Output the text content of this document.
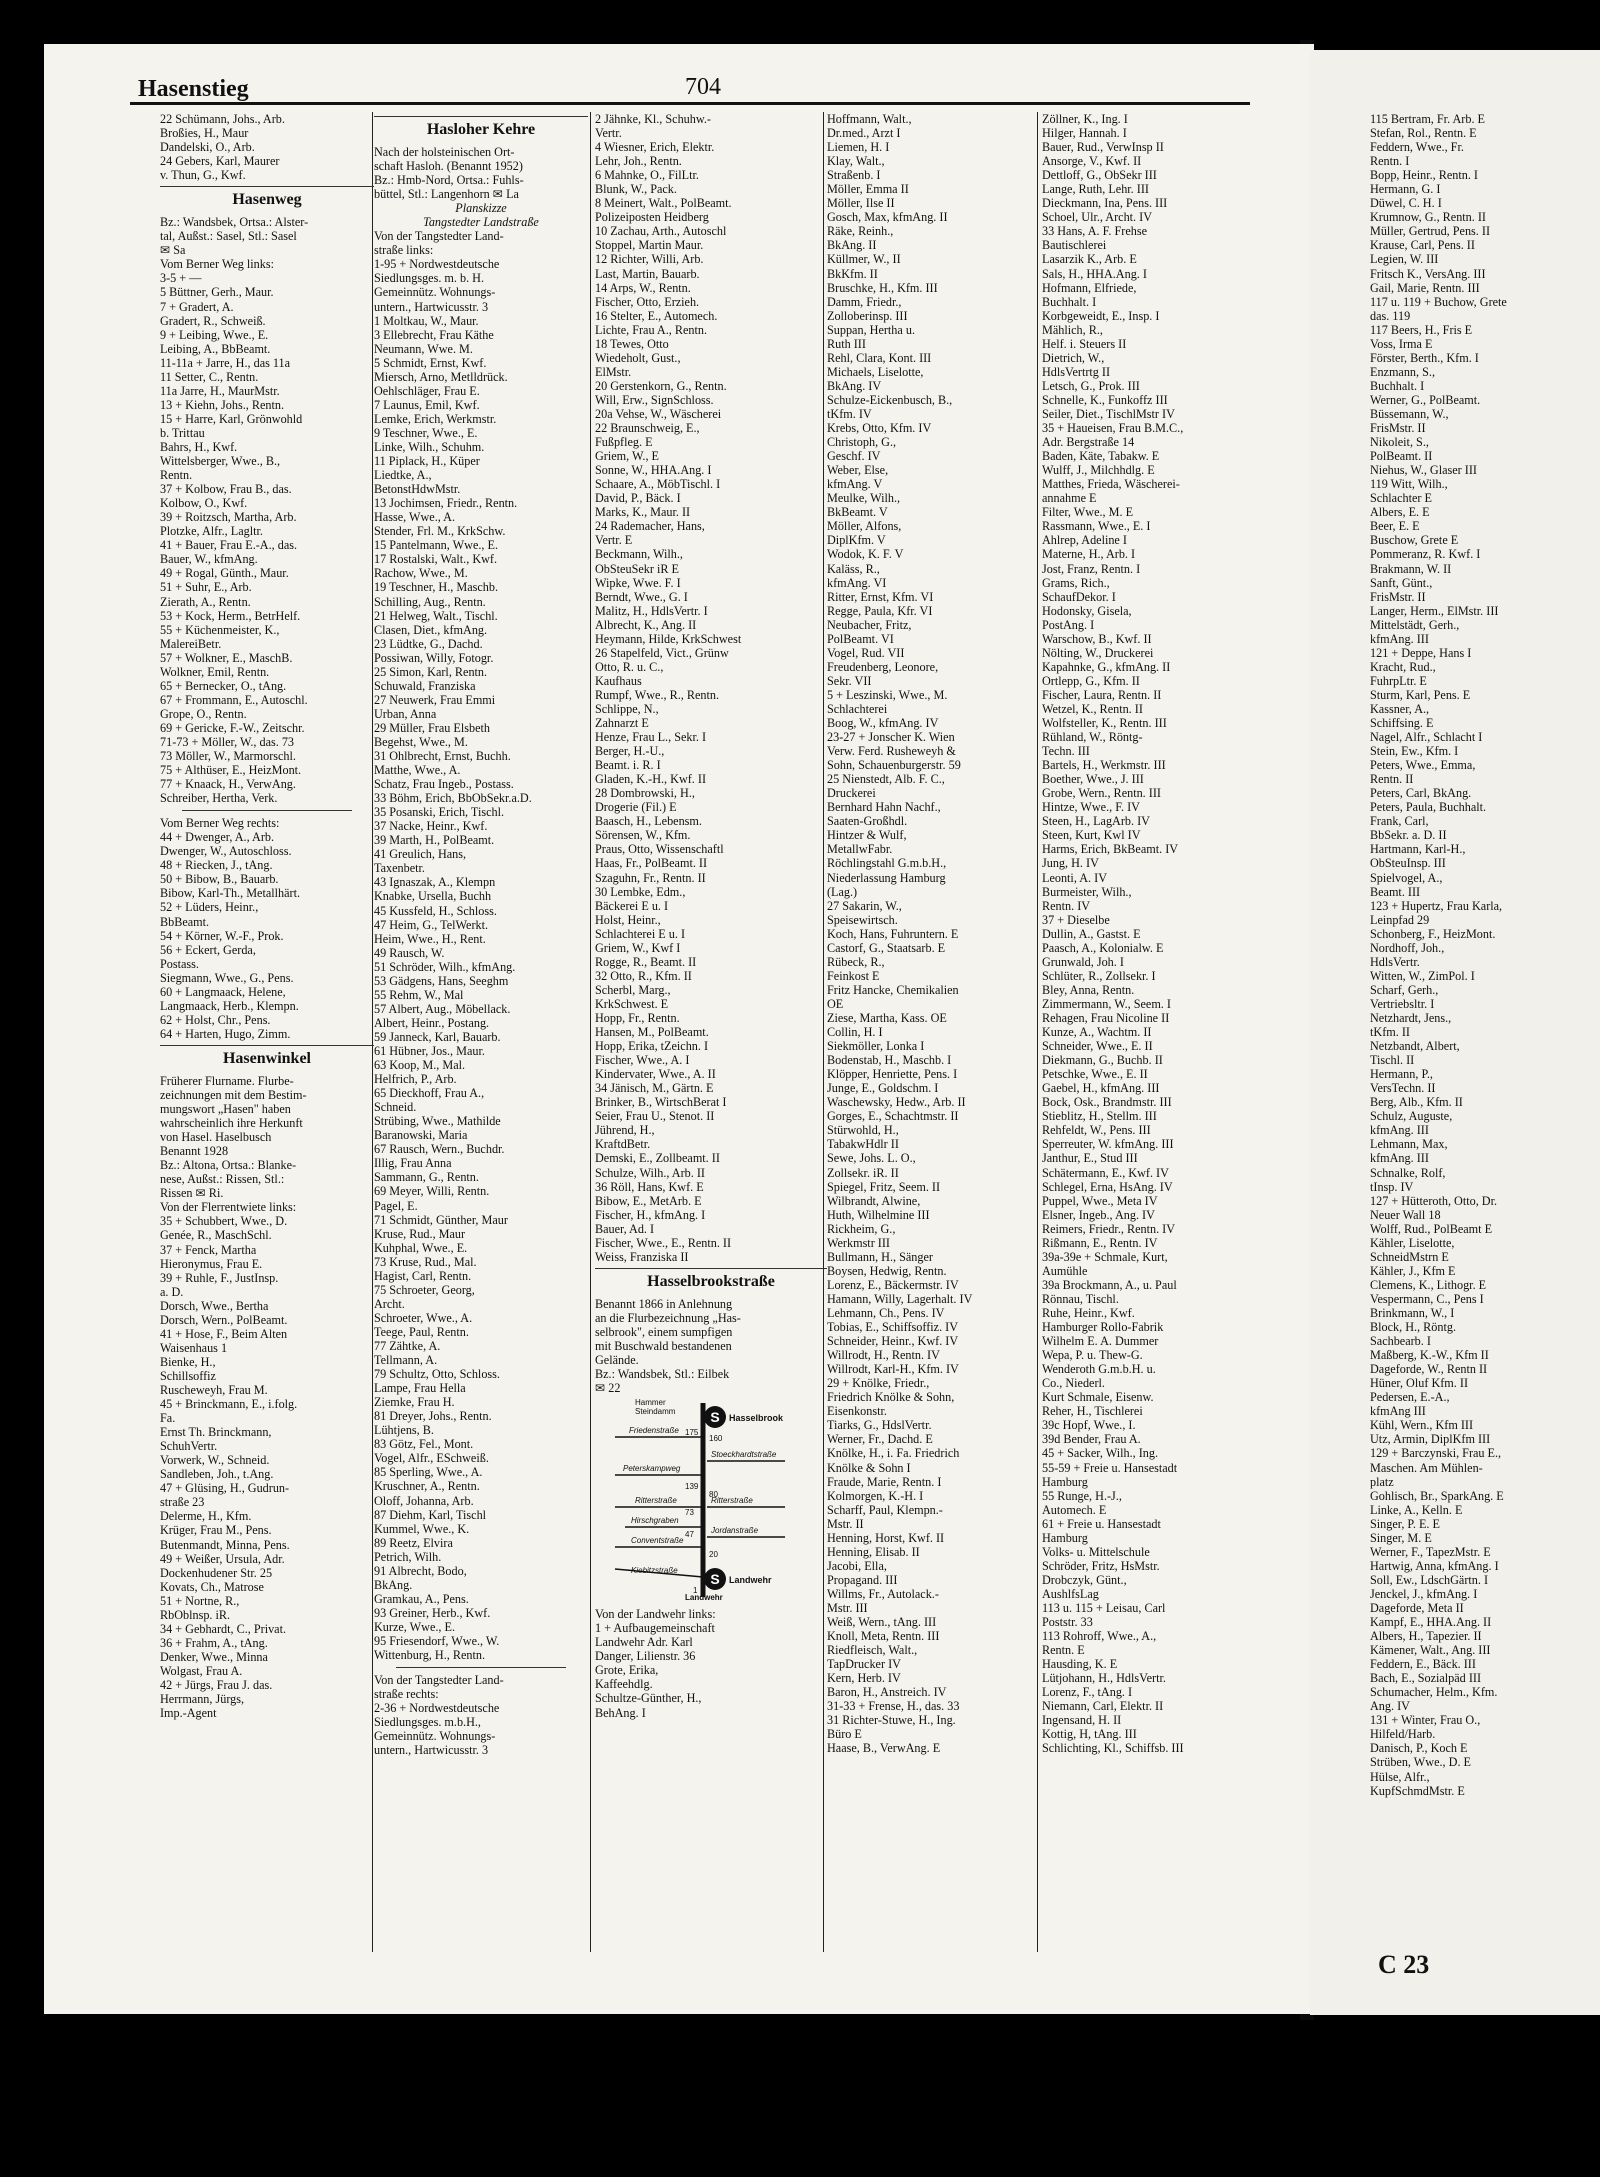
Hasenstieg	704
22 Schümann, Johs., Arb.
Broßies, H., Maur
Dandelski, O., Arb.
24 Gebers, Karl, Maurer
v. Thun, G., Kwf.
Hasenweg
Bz.: Wandsbek, Ortsa.: Alster-
tal, Außst.: Sasel, Stl.: Sasel
✉ Sa
Vom Berner Weg links:
3-5 + —
5 Büttner, Gerh., Maur.
7 + Gradert, A.
Gradert, R., Schweiß.
9 + Leibing, Wwe., E.
Leibing, A., BbBeamt.
11-11a + Jarre, H., das 11a
11 Setter, C., Rentn.
11a Jarre, H., MaurMstr.
13 + Kiehn, Johs., Rentn.
15 + Harre, Karl, Grönwohld
b. Trittau
Bahrs, H., Kwf.
Wittelsberger, Wwe., B.,
Rentn.
37 + Kolbow, Frau B., das.
Kolbow, O., Kwf.
39 + Roitzsch, Martha, Arb.
Plotzke, Alfr., Lagltr.
41 + Bauer, Frau E.-A., das.
Bauer, W., kfmAng.
49 + Rogal, Günth., Maur.
51 + Suhr, E., Arb.
Zierath, A., Rentn.
53 + Kock, Herm., BetrHelf.
55 + Küchenmeister, K.,
MalereiBetr.
57 + Wolkner, E., MaschB.
Wolkner, Emil, Rentn.
65 + Bernecker, O., tAng.
67 + Frommann, E., Autoschl.
Grope, O., Rentn.
69 + Gericke, F.-W., Zeitschr.
71-73 + Möller, W., das. 73
73 Möller, W., Marmorschl.
75 + Althüser, E., HeizMont.
77 + Knaack, H., VerwAng.
Schreiber, Hertha, Verk.
Vom Berner Weg rechts:
44 + Dwenger, A., Arb.
Dwenger, W., Autoschloss.
48 + Riecken, J., tAng.
50 + Bibow, B., Bauarb.
Bibow, Karl-Th., Metallhärt.
52 + Lüders, Heinr.,
BbBeamt.
54 + Körner, W.-F., Prok.
56 + Eckert, Gerda,
Postass.
Siegmann, Wwe., G., Pens.
60 + Langmaack, Helene,
Langmaack, Herb., Klempn.
62 + Holst, Chr., Pens.
64 + Harten, Hugo, Zimm.
Hasenwinkel
Früherer Flurname. Flurbe-
zeichnungen mit dem Bestim-
mungswort „Hasen" haben
wahrscheinlich ihre Herkunft
von Hasel. Haselbusch
Benannt 1928
Bz.: Altona, Ortsa.: Blanke-
nese, Außst.: Rissen, Stl.:
Rissen ✉ Ri.
Von der Flerrentwiete links:
35 + Schubbert, Wwe., D.
Genée, R., MaschSchl.
37 + Fenck, Martha
Hieronymus, Frau E.
39 + Ruhle, F., JustInsp.
a. D.
Dorsch, Wwe., Bertha
Dorsch, Wern., PolBeamt.
41 + Hose, F., Beim Alten
Waisenhaus 1
Bienke, H.,
Schillsoffiz
Ruscheweyh, Frau M.
45 + Brinckmann, E., i.folg.
Fa.
Ernst Th. Brinckmann,
SchuhVertr.
Vorwerk, W., Schneid.
Sandleben, Joh., t.Ang.
47 + Glüsing, H., Gudrun-
straße 23
Delerme, H., Kfm.
Krüger, Frau M., Pens.
Butenmandt, Minna, Pens.
49 + Weißer, Ursula, Adr.
Dockenhudener Str. 25
Kovats, Ch., Matrose
51 + Nortne, R.,
RbOblnsp. iR.
34 + Gebhardt, C., Privat.
36 + Frahm, A., tAng.
Denker, Wwe., Minna
Wolgast, Frau A.
42 + Jürgs, Frau J. das.
Herrmann, Jürgs,
Imp.-Agent
Hasloher Kehre
Nach der holsteinischen Ort-
schaft Hasloh. (Benannt 1952)
Bz.: Hmb-Nord, Ortsa.: Fuhls-
büttel, Stl.: Langenhorn ✉ La
Planskizze
Tangstedter Landstraße
Von der Tangstedter Land-
straße links:
1-95 + Nordwestdeutsche
Siedlungsges. m. b. H.
Gemeinnütz. Wohnungs-
untern., Hartwicusstr. 3
1 Moltkau, W., Maur.
3 Ellebrecht, Frau Käthe
Neumann, Wwe. M.
5 Schmidt, Ernst, Kwf.
Miersch, Arno, Metlldrück.
Oehlschläger, Frau E.
7 Launus, Emil, Kwf.
Lemke, Erich, Werkmstr.
9 Teschner, Wwe., E.
Linke, Wilh., Schuhm.
11 Piplack, H., Küper
Liedtke, A.,
BetonstHdwMstr.
13 Jochimsen, Friedr., Rentn.
Hasse, Wwe., A.
Stender, Frl. M., KrkSchw.
15 Pantelmann, Wwe., E.
17 Rostalski, Walt., Kwf.
Rachow, Wwe., M.
19 Teschner, H., Maschb.
Schilling, Aug., Rentn.
21 Helweg, Walt., Tischl.
Clasen, Diet., kfmAng.
23 Lüdtke, G., Dachd.
Possiwan, Willy, Fotogr.
25 Simon, Karl, Rentn.
Schuwald, Franziska
27 Neuwerk, Frau Emmi
Urban, Anna
29 Müller, Frau Elsbeth
Begehst, Wwe., M.
31 Ohlbrecht, Ernst, Buchh.
Matthe, Wwe., A.
Schatz, Frau Ingeb., Postass.
33 Böhm, Erich, BbObSekr.a.D.
35 Posanski, Erich, Tischl.
37 Nacke, Heinr., Kwf.
39 Marth, H., PolBeamt.
41 Greulich, Hans,
Taxenbetr.
43 Ignaszak, A., Klempn
Knabke, Ursella, Buchh
45 Kussfeld, H., Schloss.
47 Heim, G., TelWerkt.
Heim, Wwe., H., Rent.
49 Rausch, W.
51 Schröder, Wilh., kfmAng.
53 Gädgens, Hans, Seeghm
55 Rehm, W., Mal
57 Albert, Aug., Möbellack.
Albert, Heinr., Postang.
59 Janneck, Karl, Bauarb.
61 Hübner, Jos., Maur.
63 Koop, M., Mal.
Helfrich, P., Arb.
65 Dieckhoff, Frau A.,
Schneid.
Strübing, Wwe., Mathilde
Baranowski, Maria
67 Rausch, Wern., Buchdr.
Illig, Frau Anna
Sammann, G., Rentn.
69 Meyer, Willi, Rentn.
Pagel, E.
71 Schmidt, Günther, Maur
Kruse, Rud., Maur
Kuhphal, Wwe., E.
73 Kruse, Rud., Mal.
Hagist, Carl, Rentn.
75 Schroeter, Georg,
Archt.
Schroeter, Wwe., A.
Teege, Paul, Rentn.
77 Zähtke, A.
Tellmann, A.
79 Schultz, Otto, Schloss.
Lampe, Frau Hella
Ziemke, Frau H.
81 Dreyer, Johs., Rentn.
Lühtjens, B.
83 Götz, Fel., Mont.
Vogel, Alfr., ESchweiß.
85 Sperling, Wwe., A.
Kruschner, A., Rentn.
Oloff, Johanna, Arb.
87 Diehm, Karl, Tischl
Kummel, Wwe., K.
89 Reetz, Elvira
Petrich, Wilh.
91 Albrecht, Bodo,
BkAng.
Gramkau, A., Pens.
93 Greiner, Herb., Kwf.
Kurze, Wwe., E.
95 Friesendorf, Wwe., W.
Wittenburg, H., Rentn.
Von der Tangstedter Land-
straße rechts:
2-36 + Nordwestdeutsche
Siedlungsges. m.b.H.,
Gemeinnütz. Wohnungs-
untern., Hartwicusstr. 3
2 Jähnke, Kl., Schuhw.-
Vertr.
4 Wiesner, Erich, Elektr.
Lehr, Joh., Rentn.
6 Mahnke, O., FilLtr.
Blunk, W., Pack.
8 Meinert, Walt., PolBeamt.
Polizeiposten Heidberg
10 Zachau, Arth., Autoschl
Stoppel, Martin Maur.
12 Richter, Willi, Arb.
Last, Martin, Bauarb.
14 Arps, W., Rentn.
Fischer, Otto, Erzieh.
16 Stelter, E., Automech.
Lichte, Frau A., Rentn.
18 Tewes, Otto
Wiedeholt, Gust.,
ElMstr.
20 Gerstenkorn, G., Rentn.
Will, Erw., SignSchloss.
20a Vehse, W., Wäscherei
22 Braunschweig, E.,
Fußpfleg. E
Griem, W., E
Sonne, W., HHA.Ang. I
Schaare, A., MöbTischl. I
David, P., Bäck. I
Marks, K., Maur. II
24 Rademacher, Hans,
Vertr. E
Beckmann, Wilh.,
ObSteuSekr iR E
Wipke, Wwe. F. I
Berndt, Wwe., G. I
Malitz, H., HdlsVertr. I
Albrecht, K., Ang. II
Heymann, Hilde, KrkSchwest
26 Stapelfeld, Vict., Grünw
Otto, R. u. C.,
Kaufhaus
Rumpf, Wwe., R., Rentn.
Schlippe, N.,
Zahnarzt E
Henze, Frau L., Sekr. I
Berger, H.-U.,
Beamt. i. R. I
Gladen, K.-H., Kwf. II
28 Dombrowski, H.,
Drogerie (Fil.) E
Baasch, H., Lebensm.
Sörensen, W., Kfm.
Praus, Otto, Wissenschaftl
Haas, Fr., PolBeamt. II
Szaguhn, Fr., Rentn. II
30 Lembke, Edm.,
Bäckerei E u. I
Holst, Heinr.,
Schlachterei E u. I
Griem, W., Kwf I
Rogge, R., Beamt. II
32 Otto, R., Kfm. II
Scherbl, Marg.,
KrkSchwest. E
Hopp, Fr., Rentn.
Hansen, M., PolBeamt.
Hopp, Erika, tZeichn. I
Fischer, Wwe., A. I
Kindervater, Wwe., A. II
34 Jänisch, M., Gärtn. E
Brinker, B., WirtschBerat I
Seier, Frau U., Stenot. II
Jührend, H.,
KraftdBetr.
Demski, E., Zollbeamt. II
Schulze, Wilh., Arb. II
36 Röll, Hans, Kwf. E
Bibow, E., MetArb. E
Fischer, H., kfmAng. I
Bauer, Ad. I
Fischer, Wwe., E., Rentn. II
Weiss, Franziska II
Hasselbrookstraße
Benannt 1866 in Anlehnung
an die Flurbezeichnung „Has-
selbrook", einem sumpfigen
mit Buschwald bestandenen
Gelände.
Bz.: Wandsbek, Stl.: Eilbek
✉ 22
S
S
Hammer
Steindamm
Hasselbrook
Friedenstraße
Peterskampweg
Stoeckhardtstraße
Ritterstraße	Ritterstraße
Hirschgraben
Jordanstraße
Conventstraße
Kiebitzstraße
Landwehr
Landwehr
175
160
139
80
73
47
20
1
Von der Landwehr links:
1 + Aufbaugemeinschaft
Landwehr Adr. Karl
Danger, Lilienstr. 36
Grote, Erika,
Kaffeehdlg.
Schultze-Günther, H.,
BehAng. I
Hoffmann, Walt.,
Dr.med., Arzt I
Liemen, H. I
Klay, Walt.,
Straßenb. I
Möller, Emma II
Möller, Ilse II
Gosch, Max, kfmAng. II
Räke, Reinh.,
BkAng. II
Küllmer, W., II
BkKfm. II
Bruschke, H., Kfm. III
Damm, Friedr.,
Zolloberinsp. III
Suppan, Hertha u.
Ruth III
Rehl, Clara, Kont. III
Michaels, Liselotte,
BkAng. IV
Schulze-Eickenbusch, B.,
tKfm. IV
Krebs, Otto, Kfm. IV
Christoph, G.,
Geschf. IV
Weber, Else,
kfmAng. V
Meulke, Wilh.,
BkBeamt. V
Möller, Alfons,
DiplKfm. V
Wodok, K. F. V
Kaläss, R.,
kfmAng. VI
Ritter, Ernst, Kfm. VI
Regge, Paula, Kfr. VI
Neubacher, Fritz,
PolBeamt. VI
Vogel, Rud. VII
Freudenberg, Leonore,
Sekr. VII
5 + Leszinski, Wwe., M.
Schlachterei
Boog, W., kfmAng. IV
23-27 + Jonscher K. Wien
Verw. Ferd. Rusheweyh &
Sohn, Schauenburgerstr. 59
25 Nienstedt, Alb. F. C.,
Druckerei
Bernhard Hahn Nachf.,
Saaten-Großhdl.
Hintzer & Wulf,
MetallwFabr.
Röchlingstahl G.m.b.H.,
Niederlassung Hamburg
(Lag.)
27 Sakarin, W.,
Speisewirtsch.
Koch, Hans, Fuhruntern. E
Castorf, G., Staatsarb. E
Rübeck, R.,
Feinkost E
Fritz Hancke, Chemikalien
OE
Ziese, Martha, Kass. OE
Collin, H. I
Siekmöller, Lonka I
Bodenstab, H., Maschb. I
Klöpper, Henriette, Pens. I
Junge, E., Goldschm. I
Waschewsky, Hedw., Arb. II
Gorges, E., Schachtmstr. II
Stürwohld, H.,
TabakwHdlr II
Sewe, Johs. L. O.,
Zollsekr. iR. II
Spiegel, Fritz, Seem. II
Wilbrandt, Alwine,
Huth, Wilhelmine III
Rickheim, G.,
Werkmstr III
Bullmann, H., Sänger
Boysen, Hedwig, Rentn.
Lorenz, E., Bäckermstr. IV
Hamann, Willy, Lagerhalt. IV
Lehmann, Ch., Pens. IV
Tobias, E., Schiffsoffiz. IV
Schneider, Heinr., Kwf. IV
Willrodt, H., Rentn. IV
Willrodt, Karl-H., Kfm. IV
29 + Knölke, Friedr.,
Friedrich Knölke & Sohn,
Eisenkonstr.
Tiarks, G., HdslVertr.
Werner, Fr., Dachd. E
Knölke, H., i. Fa. Friedrich
Knölke & Sohn I
Fraude, Marie, Rentn. I
Kolmorgen, K.-H. I
Scharff, Paul, Klempn.-
Mstr. II
Henning, Horst, Kwf. II
Henning, Elisab. II
Jacobi, Ella,
Propagand. III
Willms, Fr., Autolack.-
Mstr. III
Weiß, Wern., tAng. III
Knoll, Meta, Rentn. III
Riedfleisch, Walt.,
TapDrucker IV
Kern, Herb. IV
Baron, H., Anstreich. IV
31-33 + Frense, H., das. 33
31 Richter-Stuwe, H., Ing.
Büro E
Haase, B., VerwAng. E
Zöllner, K., Ing. I
Hilger, Hannah. I
Bauer, Rud., VerwInsp II
Ansorge, V., Kwf. II
Dettloff, G., ObSekr III
Lange, Ruth, Lehr. III
Dieckmann, Ina, Pens. III
Schoel, Ulr., Archt. IV
33 Hans, A. F. Frehse
Bautischlerei
Lasarzik K., Arb. E
Sals, H., HHA.Ang. I
Hofmann, Elfriede,
Buchhalt. I
Korbgeweidt, E., Insp. I
Mählich, R.,
Helf. i. Steuers II
Dietrich, W.,
HdlsVertrtg II
Letsch, G., Prok. III
Schnelle, K., Funkoffz III
Seiler, Diet., TischlMstr IV
35 + Haueisen, Frau B.M.C.,
Adr. Bergstraße 14
Baden, Käte, Tabakw. E
Wulff, J., Milchhdlg. E
Matthes, Frieda, Wäscherei-
annahme E
Filter, Wwe., M. E
Rassmann, Wwe., E. I
Ahlrep, Adeline I
Materne, H., Arb. I
Jost, Franz, Rentn. I
Grams, Rich.,
SchaufDekor. I
Hodonsky, Gisela,
PostAng. I
Warschow, B., Kwf. II
Nölting, W., Druckerei
Kapahnke, G., kfmAng. II
Ortlepp, G., Kfm. II
Fischer, Laura, Rentn. II
Wetzel, K., Rentn. II
Wolfsteller, K., Rentn. III
Rühland, W., Röntg-
Techn. III
Bartels, H., Werkmstr. III
Boether, Wwe., J. III
Grobe, Wern., Rentn. III
Hintze, Wwe., F. IV
Steen, H., LagArb. IV
Steen, Kurt, Kwl IV
Harms, Erich, BkBeamt. IV
Jung, H. IV
Leonti, A. IV
Burmeister, Wilh.,
Rentn. IV
37 + Dieselbe
Dullin, A., Gastst. E
Paasch, A., Kolonialw. E
Grunwald, Joh. I
Schlüter, R., Zollsekr. I
Bley, Anna, Rentn.
Zimmermann, W., Seem. I
Rehagen, Frau Nicoline II
Kunze, A., Wachtm. II
Schneider, Wwe., E. II
Diekmann, G., Buchb. II
Petschke, Wwe., E. II
Gaebel, H., kfmAng. III
Bock, Osk., Brandmstr. III
Stieblitz, H., Stellm. III
Rehfeldt, W., Pens. III
Sperreuter, W. kfmAng. III
Janthur, E., Stud III
Schätermann, E., Kwf. IV
Schlegel, Erna, HsAng. IV
Puppel, Wwe., Meta IV
Elsner, Ingeb., Ang. IV
Reimers, Friedr., Rentn. IV
Rißmann, E., Rentn. IV
39a-39e + Schmale, Kurt,
Aumühle
39a Brockmann, A., u. Paul
Rönnau, Tischl.
Ruhe, Heinr., Kwf.
Hamburger Rollo-Fabrik
Wilhelm E. A. Dummer
Wepa, P. u. Thew-G.
Wenderoth G.m.b.H. u.
Co., Niederl.
Kurt Schmale, Eisenw.
Reher, H., Tischlerei
39c Hopf, Wwe., I.
39d Bender, Frau A.
45 + Sacker, Wilh., Ing.
55-59 + Freie u. Hansestadt
Hamburg
55 Runge, H.-J.,
Automech. E
61 + Freie u. Hansestadt
Hamburg
Volks- u. Mittelschule
Schröder, Fritz, HsMstr.
Drobczyk, Günt.,
AushlfsLag
113 u. 115 + Leisau, Carl
Poststr. 33
113 Rohroff, Wwe., A.,
Rentn. E
Hausding, K. E
Lütjohann, H., HdlsVertr.
Lorenz, F., tAng. I
Niemann, Carl, Elektr. II
Ingensand, H. II
Kottig, H, tAng. III
Schlichting, Kl., Schiffsb. III
115 Bertram, Fr. Arb. E
Stefan, Rol., Rentn. E
Feddern, Wwe., Fr.
Rentn. I
Bopp, Heinr., Rentn. I
Hermann, G. I
Düwel, C. H. I
Krumnow, G., Rentn. II
Müller, Gertrud, Pens. II
Krause, Carl, Pens. II
Legien, W. III
Fritsch K., VersAng. III
Gail, Marie, Rentn. III
117 u. 119 + Buchow, Grete
das. 119
117 Beers, H., Fris E
Voss, Irma E
Förster, Berth., Kfm. I
Enzmann, S.,
Buchhalt. I
Werner, G., PolBeamt.
Büssemann, W.,
FrisMstr. II
Nikoleit, S.,
PolBeamt. II
Niehus, W., Glaser III
119 Witt, Wilh.,
Schlachter E
Albers, E. E
Beer, E. E
Buschow, Grete E
Pommeranz, R. Kwf. I
Brakmann, W. II
Sanft, Günt.,
FrisMstr. II
Langer, Herm., ElMstr. III
Mittelstädt, Gerh.,
kfmAng. III
121 + Deppe, Hans I
Kracht, Rud.,
FuhrpLtr. E
Sturm, Karl, Pens. E
Kassner, A.,
Schiffsing. E
Nagel, Alfr., Schlacht I
Stein, Ew., Kfm. I
Peters, Wwe., Emma,
Rentn. II
Peters, Carl, BkAng.
Peters, Paula, Buchhalt.
Frank, Carl,
BbSekr. a. D. II
Hartmann, Karl-H.,
ObSteuInsp. III
Spielvogel, A.,
Beamt. III
123 + Hupertz, Frau Karla,
Leinpfad 29
Schonberg, F., HeizMont.
Nordhoff, Joh.,
HdlsVertr.
Witten, W., ZimPol. I
Scharf, Gerh.,
Vertriebsltr. I
Netzhardt, Jens.,
tKfm. II
Netzbandt, Albert,
Tischl. II
Hermann, P.,
VersTechn. II
Berg, Alb., Kfm. II
Schulz, Auguste,
kfmAng. III
Lehmann, Max,
kfmAng. III
Schnalke, Rolf,
tInsp. IV
127 + Hütteroth, Otto, Dr.
Neuer Wall 18
Wolff, Rud., PolBeamt E
Kähler, Liselotte,
SchneidMstrn E
Kähler, J., Kfm E
Clemens, K., Lithogr. E
Vespermann, C., Pens I
Brinkmann, W., I
Block, H., Röntg.
Sachbearb. I
Maßberg, K.-W., Kfm II
Dageforde, W., Rentn II
Hüner, Oluf Kfm. II
Pedersen, E.-A.,
kfmAng III
Kühl, Wern., Kfm III
Utz, Armin, DiplKfm III
129 + Barczynski, Frau E.,
Maschen. Am Mühlen-
platz
Gohlisch, Br., SparkAng. E
Linke, A., Kelln. E
Singer, P. E. E
Singer, M. E
Werner, F., TapezMstr. E
Hartwig, Anna, kfmAng. I
Soll, Ew., LdschGärtn. I
Jenckel, J., kfmAng. I
Dageforde, Meta II
Kampf, E., HHA.Ang. II
Albers, H., Tapezier. II
Kämener, Walt., Ang. III
Feddern, E., Bäck. III
Bach, E., Sozialpäd III
Schumacher, Helm., Kfm.
Ang. IV
131 + Winter, Frau O.,
Hilfeld/Harb.
Danisch, P., Koch E
Strüben, Wwe., D. E
Hülse, Alfr.,
KupfSchmdMstr. E
C 23
